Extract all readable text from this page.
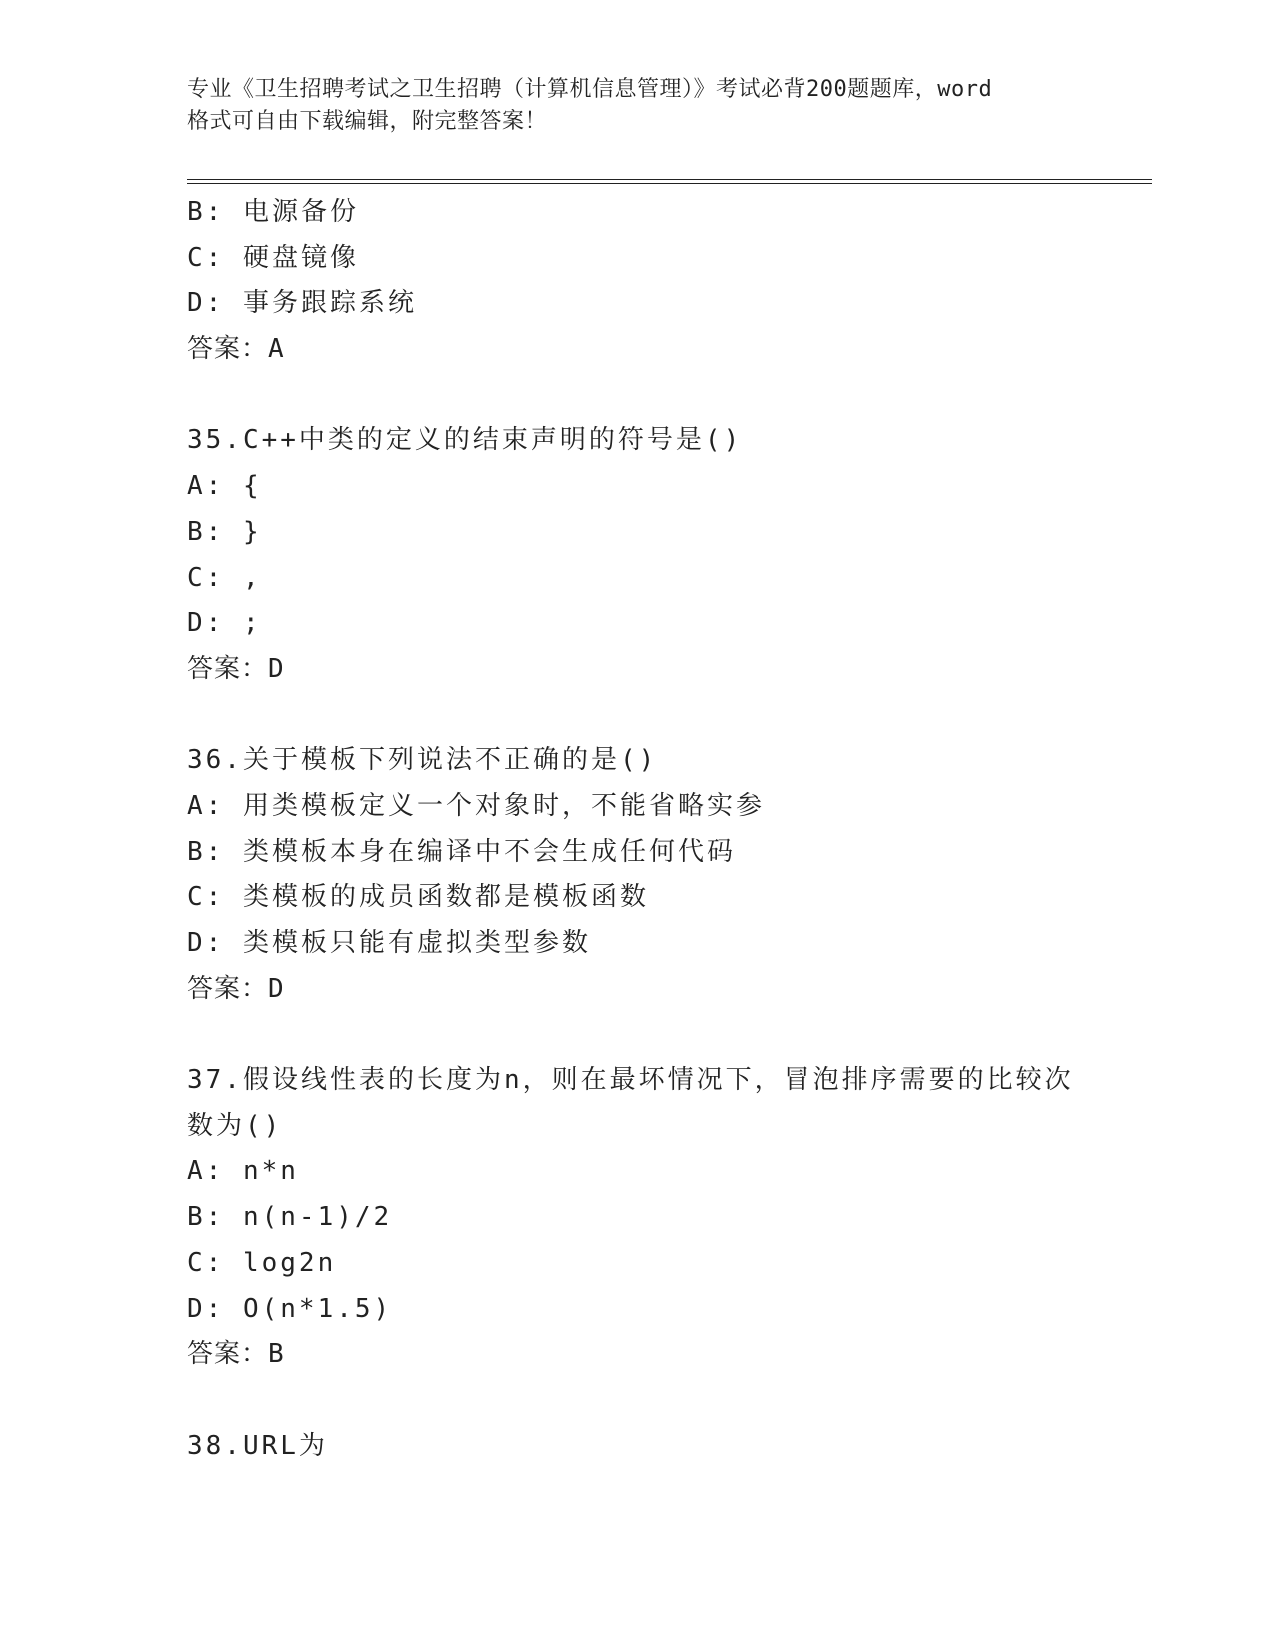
专业《卫生招聘考试之卫生招聘（计算机信息管理）》考试必背200题题库，word
格式可自由下载编辑，附完整答案！
B: 电源备份
C: 硬盘镜像
D: 事务跟踪系统
答案：A
35.C++中类的定义的结束声明的符号是()
A: {
B: }
C: ,
D: ;
答案：D
36.关于模板下列说法不正确的是()
A: 用类模板定义一个对象时，不能省略实参
B: 类模板本身在编译中不会生成任何代码
C: 类模板的成员函数都是模板函数
D: 类模板只能有虚拟类型参数
答案：D
37.假设线性表的长度为n，则在最坏情况下，冒泡排序需要的比较次
数为()
A: n*n
B: n(n-1)/2
C: log2n
D: O(n*1.5)
答案：B
38.URL为
